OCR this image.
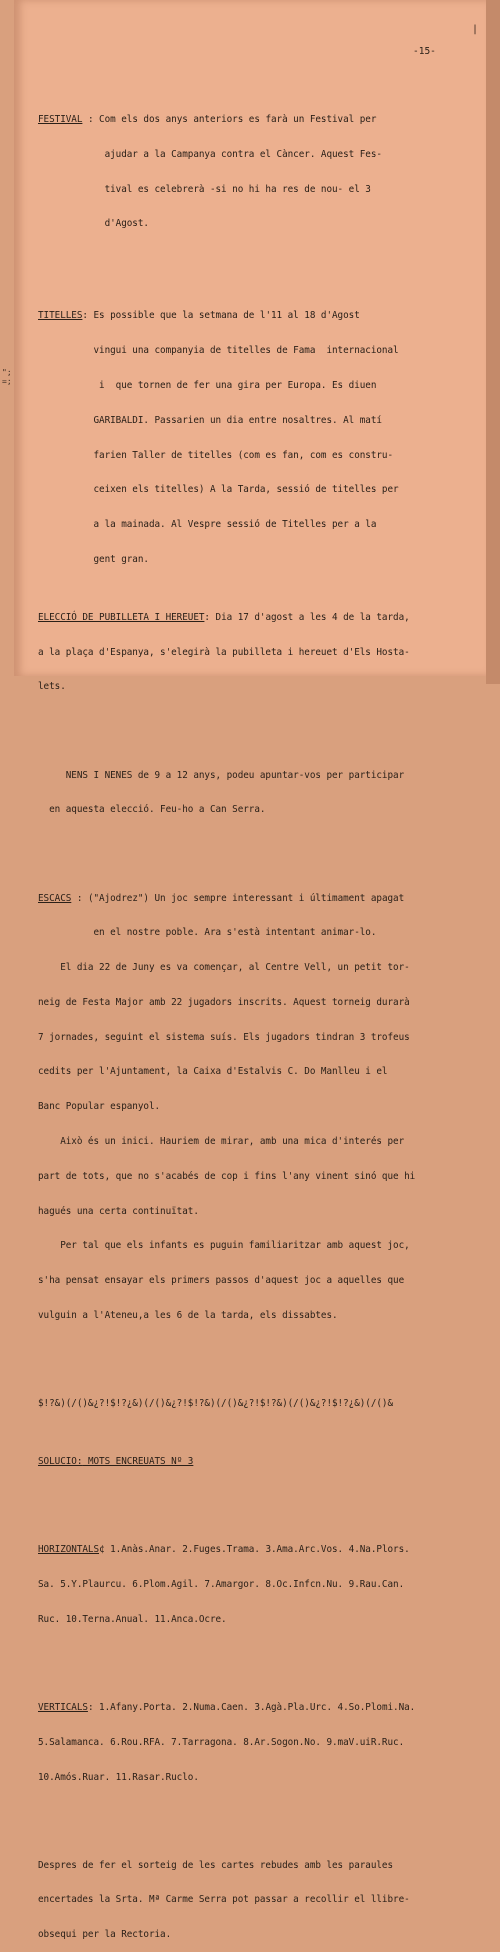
|
-15-
";
=;

FESTIVAL : Com els dos anys anteriors es farà un Festival per

ajudar a la Campanya contra el Càncer. Aquest Fes-

tival es celebrerà -si no hi ha res de nou- el 3

d'Agost.

TITELLES: Es possible que la setmana de l'11 al 18 d'Agost

vingui una companyia de titelles de Fama  internacional

i  que tornen de fer una gira per Europa. Es diuen

GARIBALDI. Passarien un dia entre nosaltres. Al matí

farien Taller de titelles (com es fan, com es constru-

ceixen els titelles) A la Tarda, sessió de titelles per

a la mainada. Al Vespre sessió de Titelles per a la

gent gran.

ELECCIÓ DE PUBILLETA I HEREUET: Dia 17 d'agost a les 4 de la tarda,

a la plaça d'Espanya, s'elegirà la pubilleta i hereuet d'Els Hosta-

lets.

NENS I NENES de 9 a 12 anys, podeu apuntar-vos per participar

en aquesta elecció. Feu-ho a Can Serra.

ESCACS : ("Ajodrez") Un joc sempre interessant i últimament apagat

en el nostre poble. Ara s'està intentant animar-lo.

El dia 22 de Juny es va començar, al Centre Vell, un petit tor-

neig de Festa Major amb 22 jugadors inscrits. Aquest torneig durarà

7 jornades, seguint el sistema suís. Els jugadors tindran 3 trofeus

cedits per l'Ajuntament, la Caixa d'Estalvis C. Do Manlleu i el

Banc Popular espanyol.

Això és un inici. Hauriem de mirar, amb una mica d'interés per

part de tots, que no s'acabés de cop i fins l'any vinent sinó que hi

hagués una certa continuïtat.

Per tal que els infants es puguin familiaritzar amb aquest joc,

s'ha pensat ensayar els primers passos d'aquest joc a aquelles que

vulguin a l'Ateneu,a les 6 de la tarda, els dissabtes.

$!?&)(/()&¿?!$!?¿&)(/()&¿?!$!?&)(/()&¿?!$!?&)(/()&¿?!$!?¿&)(/()&

SOLUCIO: MOTS ENCREUATS Nº 3

HORIZONTALS¢ 1.Anàs.Anar. 2.Fuges.Trama. 3.Ama.Arc.Vos. 4.Na.Plors.

Sa. 5.Y.Plaurcu. 6.Plom.Agil. 7.Amargor. 8.Oc.Infcn.Nu. 9.Rau.Can.

Ruc. 10.Terna.Anual. 11.Anca.Ocre.

VERTICALS: 1.Afany.Porta. 2.Numa.Caen. 3.Agà.Pla.Urc. 4.So.Plomi.Na.

5.Salamanca. 6.Rou.RFA. 7.Tarragona. 8.Ar.Sogon.No. 9.maV.uiR.Ruc.

10.Amós.Ruar. 11.Rasar.Ruclo.

Despres de fer el sorteig de les cartes rebudes amb les paraules

encertades la Srta. Mª Carme Serra pot passar a recollir el llibre-

obsequi per la Rectoria.
